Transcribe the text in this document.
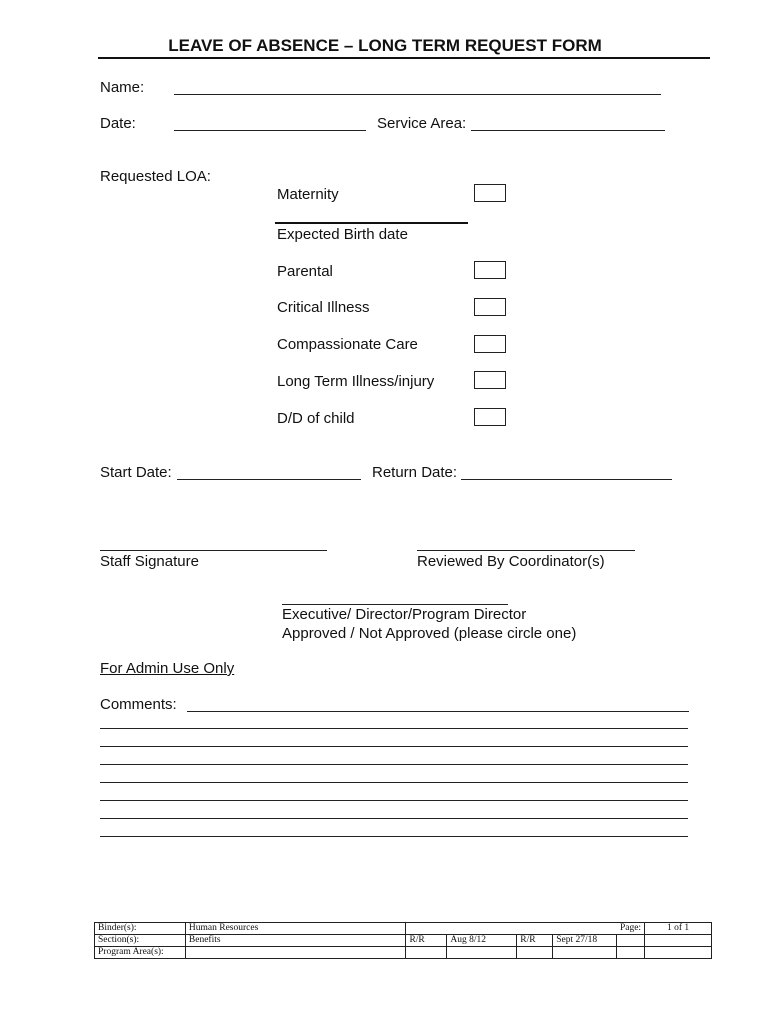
LEAVE OF ABSENCE – LONG TERM REQUEST FORM
Name:
Date:	Service Area:
Requested LOA:
Maternity
Expected Birth date
Parental
Critical Illness
Compassionate Care
Long Term Illness/injury
D/D of child
Start Date:	Return Date:
Staff Signature	Reviewed By Coordinator(s)
Executive/ Director/Program Director
Approved / Not Approved (please circle one)
For Admin Use Only
Comments:
Binder(s):	Human Resources	Page:					1 of 1
Section(s):	Benefits	R/R	Aug 8/12	R/R	Sept 27/18		
Program Area(s):							
